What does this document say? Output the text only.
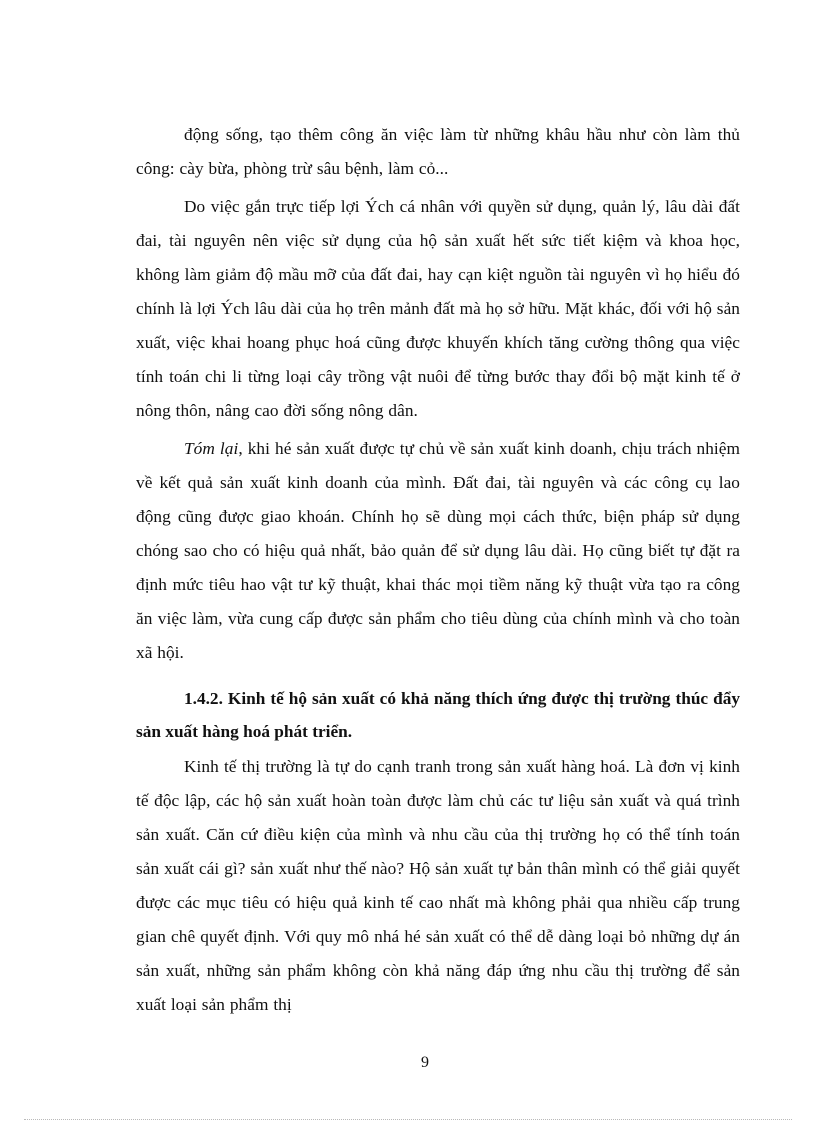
động sống, tạo thêm công ăn việc làm từ những khâu hầu như còn làm thủ công: cày bừa, phòng trừ sâu bệnh, làm cỏ...

Do việc gắn trực tiếp lợi Ých cá nhân với quyền sử dụng, quản lý, lâu dài đất đai, tài nguyên nên việc sử dụng của hộ sản xuất hết sức tiết kiệm và khoa học, không làm giảm độ mầu mỡ của đất đai, hay cạn kiệt nguồn tài nguyên vì họ hiểu đó chính là lợi Ých lâu dài của họ trên mảnh đất mà họ sở hữu. Mặt khác, đối với hộ sản xuất, việc khai hoang phục hoá cũng được khuyến khích tăng cường thông qua việc tính toán chi li từng loại cây trồng vật nuôi để từng bước thay đổi bộ mặt kinh tế ở nông thôn, nâng cao đời sống nông dân.

Tóm lại, khi hé sản xuất được tự chủ về sản xuất kinh doanh, chịu trách nhiệm về kết quả sản xuất kinh doanh của mình. Đất đai, tài nguyên và các công cụ lao động cũng được giao khoán. Chính họ sẽ dùng mọi cách thức, biện pháp sử dụng chóng sao cho có hiệu quả nhất, bảo quản để sử dụng lâu dài. Họ cũng biết tự đặt ra định mức tiêu hao vật tư kỹ thuật, khai thác mọi tiềm năng kỹ thuật vừa tạo ra công ăn việc làm, vừa cung cấp được sản phẩm cho tiêu dùng của chính mình và cho toàn xã hội.

1.4.2. Kinh tế hộ sản xuất có khả năng thích ứng được thị trường thúc đẩy sản xuất hàng hoá phát triển.

Kinh tế thị trường là tự do cạnh tranh trong sản xuất hàng hoá. Là đơn vị kinh tế độc lập, các hộ sản xuất hoàn toàn được làm chủ các tư liệu sản xuất và quá trình sản xuất. Căn cứ điều kiện của mình và nhu cầu của thị trường họ có thể tính toán sản xuất cái gì? sản xuất như thế nào? Hộ sản xuất tự bản thân mình có thể giải quyết được các mục tiêu có hiệu quả kinh tế cao nhất mà không phải qua nhiều cấp trung gian chê quyết định. Với quy mô nhá hé sản xuất có thể dễ dàng loại bỏ những dự án sản xuất, những sản phẩm không còn khả năng đáp ứng nhu cầu thị trường để sản xuất loại sản phẩm thị

9
